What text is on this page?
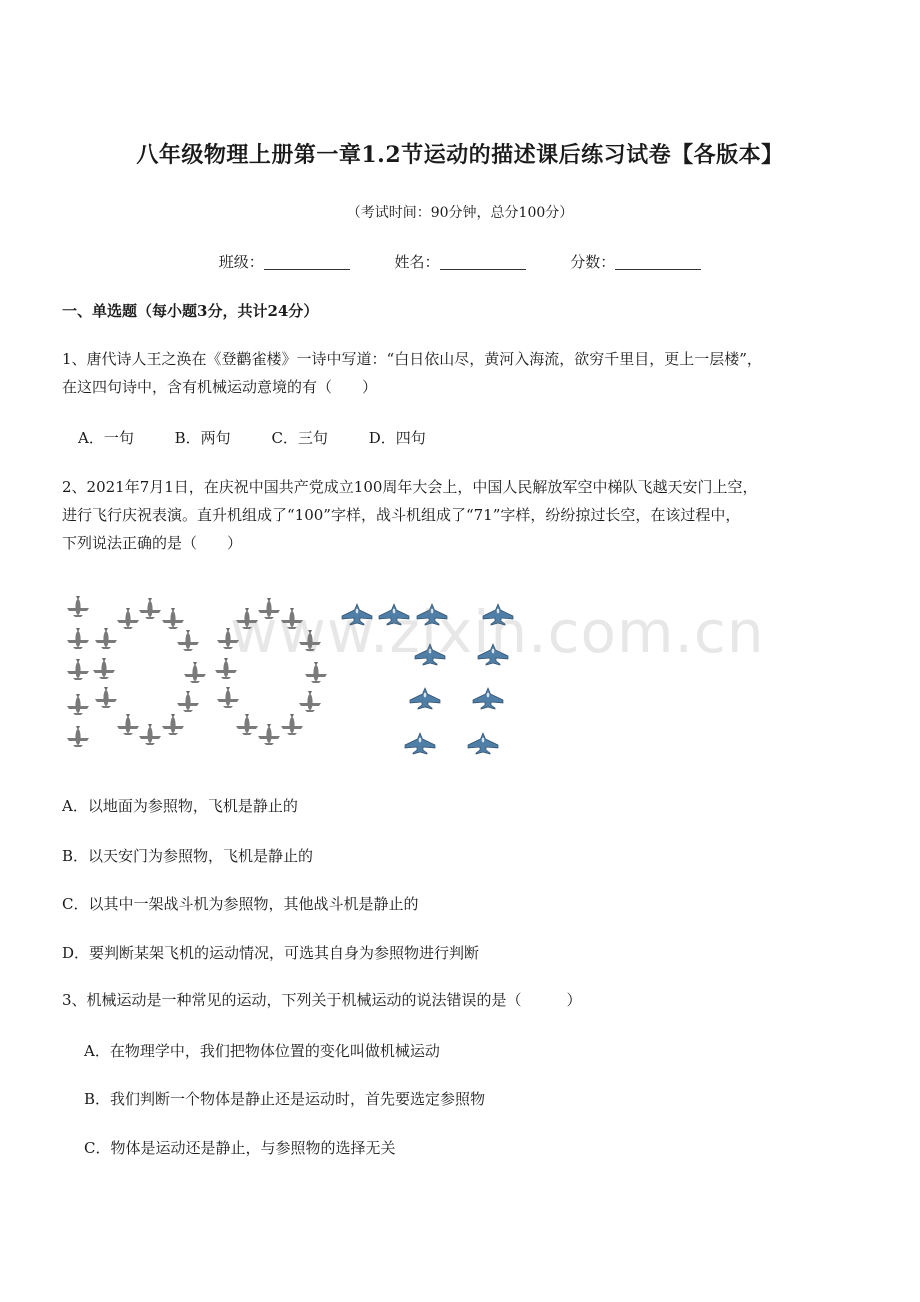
八年级物理上册第一章1.2节运动的描述课后练习试卷【各版本】
（考试时间：90分钟，总分100分）
班级：	姓名：	分数：
一、单选题（每小题3分，共计24分）
1、唐代诗人王之涣在《登鹳雀楼》一诗中写道：“白日依山尽，黄河入海流，欲穷千里目，更上一层楼”，
在这四句诗中，含有机械运动意境的有（　　）
A．一句	B．两句	C．三句	D．四句
2、2021年7月1日，在庆祝中国共产党成立100周年大会上，中国人民解放军空中梯队飞越天安门上空，
进行飞行庆祝表演。直升机组成了“100”字样，战斗机组成了“71”字样，纷纷掠过长空，在该过程中，
下列说法正确的是（　　）
www.zixin.com.cn
A．以地面为参照物，飞机是静止的
B．以天安门为参照物，飞机是静止的
C．以其中一架战斗机为参照物，其他战斗机是静止的
D．要判断某架飞机的运动情况，可选其自身为参照物进行判断
3、机械运动是一种常见的运动，下列关于机械运动的说法错误的是（　　　）
A．在物理学中，我们把物体位置的变化叫做机械运动
B．我们判断一个物体是静止还是运动时，首先要选定参照物
C．物体是运动还是静止，与参照物的选择无关
